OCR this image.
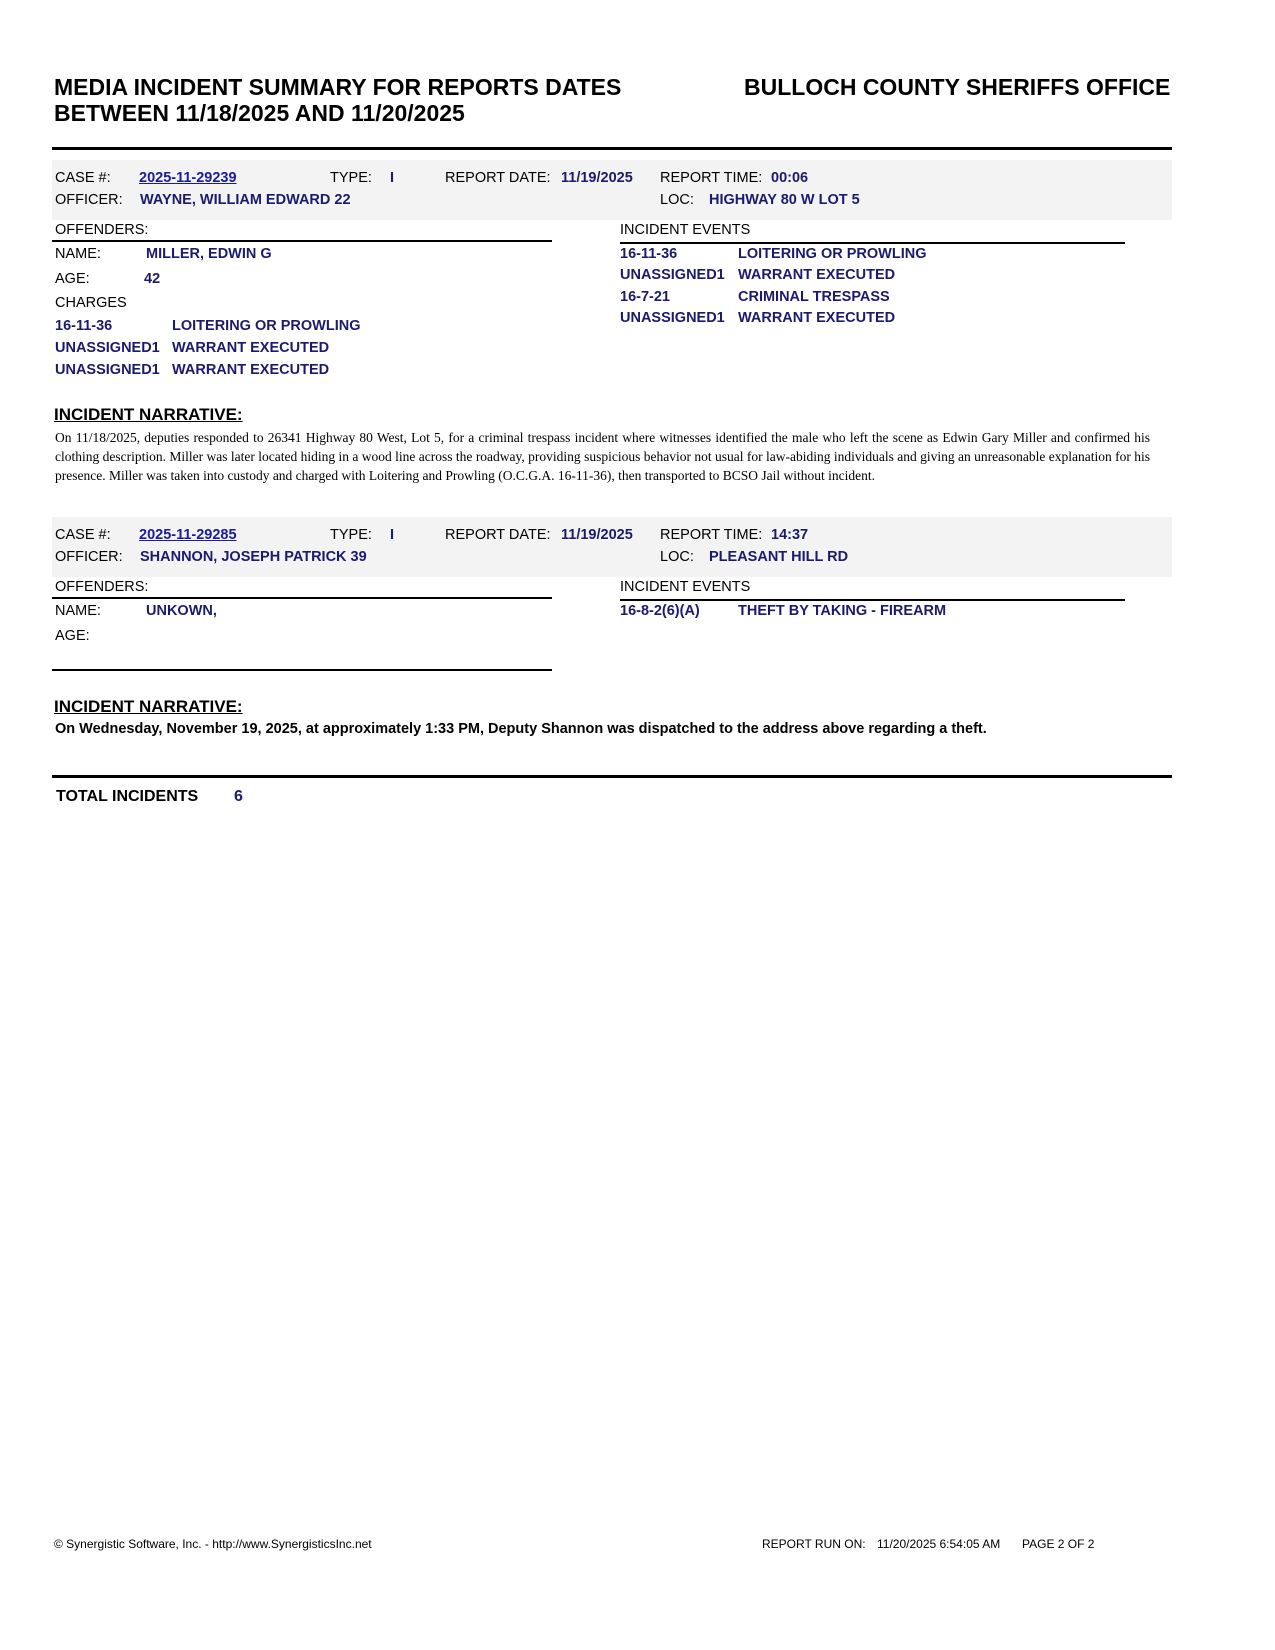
MEDIA INCIDENT SUMMARY FOR REPORTS DATES
BETWEEN 11/18/2025 AND 11/20/2025
BULLOCH COUNTY SHERIFFS OFFICE
CASE #: 2025-11-29239	TYPE: I	REPORT DATE: 11/19/2025 REPORT TIME: 00:06
OFFICER: WAYNE, WILLIAM EDWARD 22	LOC: HIGHWAY 80 W LOT 5
OFFENDERS:
NAME:	MILLER, EDWIN G
AGE:	42
CHARGES
16-11-36	LOITERING OR PROWLING
UNASSIGNED1 WARRANT EXECUTED
UNASSIGNED1 WARRANT EXECUTED
INCIDENT EVENTS
16-11-36	LOITERING OR PROWLING
UNASSIGNED1 WARRANT EXECUTED
16-7-21	CRIMINAL TRESPASS
UNASSIGNED1 WARRANT EXECUTED
INCIDENT NARRATIVE:
On 11/18/2025, deputies responded to 26341 Highway 80 West, Lot 5, for a criminal trespass incident where witnesses identified the male who left the scene as Edwin Gary Miller and confirmed his clothing description. Miller was later located hiding in a wood line across the roadway, providing suspicious behavior not usual for law-abiding individuals and giving an unreasonable explanation for his presence. Miller was taken into custody and charged with Loitering and Prowling (O.C.G.A. 16-11-36), then transported to BCSO Jail without incident.
CASE #: 2025-11-29285	TYPE: I	REPORT DATE: 11/19/2025 REPORT TIME: 14:37
OFFICER: SHANNON, JOSEPH PATRICK 39	LOC: PLEASANT HILL RD
OFFENDERS:
NAME:	UNKOWN,
AGE:
INCIDENT EVENTS
16-8-2(6)(A)	THEFT BY TAKING - FIREARM
INCIDENT NARRATIVE:
On Wednesday, November 19, 2025, at approximately 1:33 PM, Deputy Shannon was dispatched to the address above regarding a theft.
TOTAL INCIDENTS 6
© Synergistic Software, Inc. - http://www.SynergisticsInc.net	REPORT RUN ON: 11/20/2025 6:54:05 AM PAGE 2 OF 2
